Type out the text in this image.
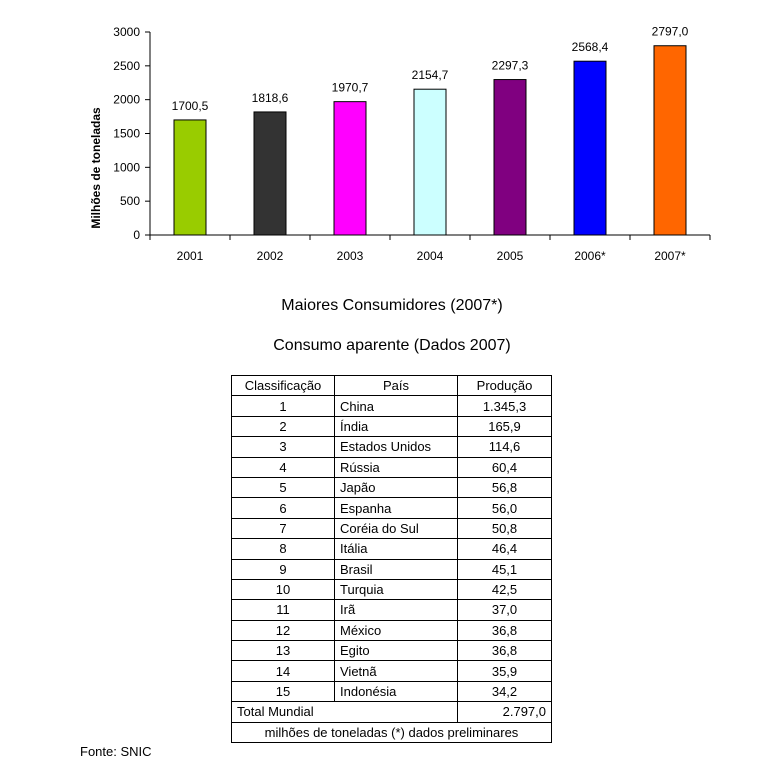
Milhões de toneladas
0
500
1000
1500
2000
2500
3000
1700,5
2001
1818,6
2002
1970,7
2003
2154,7
2004
2297,3
2005
2568,4
2006*
2797,0
2007*
Maiores Consumidores (2007*)
Consumo aparente (Dados 2007)
Classificação	País	Produção
1	China	1.345,3
2	Índia	165,9
3	Estados Unidos	114,6
4	Rússia	60,4
5	Japão	56,8
6	Espanha	56,0
7	Coréia do Sul	50,8
8	Itália	46,4
9	Brasil	45,1
10	Turquia	42,5
11	Irã	37,0
12	México	36,8
13	Egito	36,8
14	Vietnã	35,9
15	Indonésia	34,2
Total Mundial		2.797,0
milhões de toneladas (*) dados preliminares		
Fonte: SNIC
